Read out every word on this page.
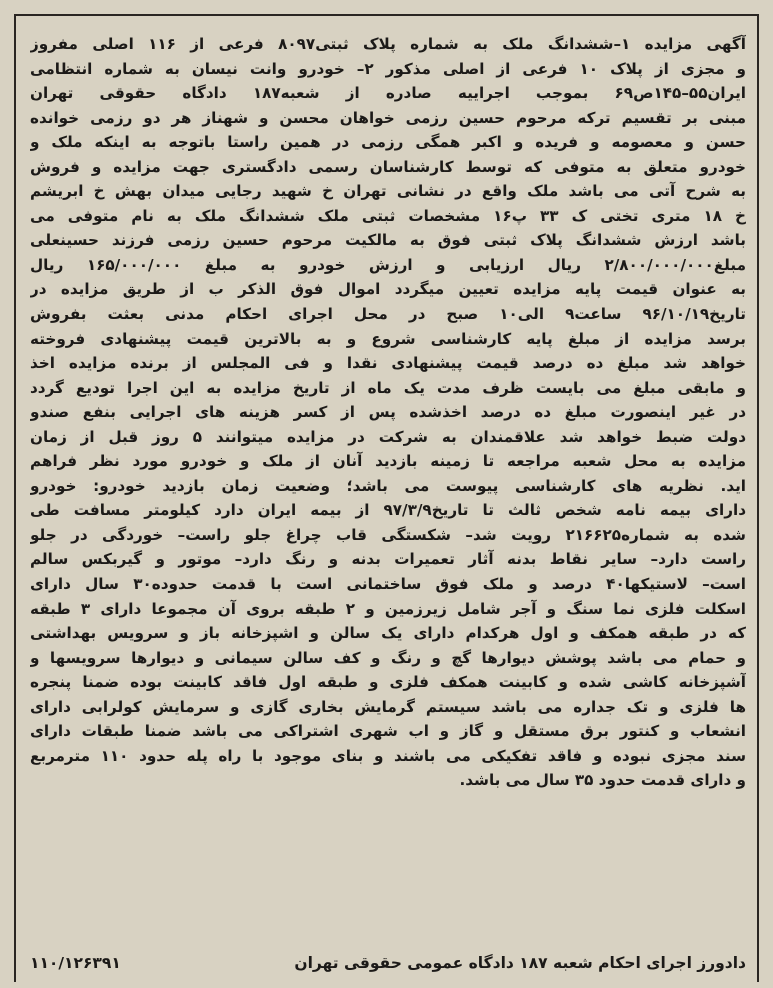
آگهی مزایده ۱–ششدانگ ملک به شماره پلاک ثبتی۸۰۹۷ فرعی از ۱۱۶ اصلی مفروز
و مجزی از پلاک ۱۰ فرعی از اصلی مذکور ۲– خودرو وانت نیسان به شماره انتظامی
ایران۵۵–۱۴۵ص۶۹ بموجب اجراییه صادره از شعبه۱۸۷ دادگاه حقوقی تهران
مبنی بر تقسیم ترکه مرحوم حسین رزمی خواهان محسن و شهناز هر دو رزمی خوانده
حسن و معصومه و فریده و اکبر همگی رزمی در همین راستا باتوجه به اینکه ملک و
خودرو متعلق به متوفی که توسط کارشناسان رسمی دادگستری جهت مزایده و فروش
به شرح آتی می باشد ملک واقع در نشانی تهران خ شهید رجایی میدان بهش خ ابریشم
خ ۱۸ متری تختی ک ۳۳ پ۱۶ مشخصات ثبتی ملک ششدانگ ملک به نام متوفی می
باشد ارزش ششدانگ پلاک ثبتی فوق به مالکیت مرحوم حسین رزمی فرزند حسینعلی
مبلغ۲/۸۰۰/۰۰۰/۰۰۰ ریال ارزیابی و ارزش خودرو به مبلغ ۱۶۵/۰۰۰/۰۰۰ ریال
به عنوان قیمت پایه مزایده تعیین میگردد اموال فوق الذکر ب از طریق مزایده در
تاریخ۹۶/۱۰/۱۹ ساعت۹ الی۱۰ صبح در محل اجرای احکام مدنی بعثت بفروش
برسد مزایده از مبلغ پایه کارشناسی شروع و به بالاترین قیمت پیشنهادی فروخته
خواهد شد مبلغ ده درصد قیمت پیشنهادی نقدا و فی المجلس از برنده مزایده اخذ
و مابقی مبلغ می بایست ظرف مدت یک ماه از تاریخ مزایده به این اجرا تودیع گردد
در غیر اینصورت مبلغ ده درصد اخذشده پس از کسر هزینه های اجرایی بنفع صندو
دولت ضبط خواهد شد علاقمندان به شرکت در مزایده میتوانند ۵ روز قبل از زمان
مزایده به محل شعبه مراجعه تا زمینه بازدید آنان از ملک و خودرو مورد نظر فراهم
اید. نظریه های کارشناسی پیوست می باشد؛ وضعیت زمان بازدید خودرو: خودرو
دارای بیمه نامه شخص ثالث تا تاریخ۹۷/۳/۹ از بیمه ایران دارد کیلومتر مسافت طی
شده به شماره۲۱۶۶۲۵ رویت شد– شکستگی قاب چراغ جلو راست– خوردگی در جلو
راست دارد– سایر نقاط بدنه آثار تعمیرات بدنه و رنگ دارد– موتور و گیربکس سالم
است– لاستیکها۴۰ درصد و ملک فوق ساختمانی است با قدمت حدوده۳۰ سال دارای
اسکلت فلزی نما سنگ و آجر شامل زیرزمین و ۲ طبقه بروی آن مجموعا دارای ۳ طبقه
که در طبقه همکف و اول هرکدام دارای یک سالن و اشپزخانه باز و سرویس بهداشتی
و حمام می باشد پوشش دیوارها گچ و رنگ و کف سالن سیمانی و دیوارها سرویسها و
آشپزخانه کاشی شده و کابینت همکف فلزی و طبقه اول فاقد کابینت بوده ضمنا پنجره
ها فلزی و تک جداره می باشد سیستم گرمایش بخاری گازی و سرمایش کولرابی دارای
انشعاب و کنتور برق مستقل و گاز و اب شهری اشتراکی می باشد ضمنا طبقات دارای
سند مجزی نبوده و فاقد تفکیکی می باشند و بنای موجود با راه پله حدود ۱۱۰ مترمربع
و دارای قدمت حدود ۳۵ سال می باشد.
دادورز اجرای احکام شعبه ۱۸۷ دادگاه عمومی حقوقی تهران
۱۱۰/۱۲۶۳۹۱
